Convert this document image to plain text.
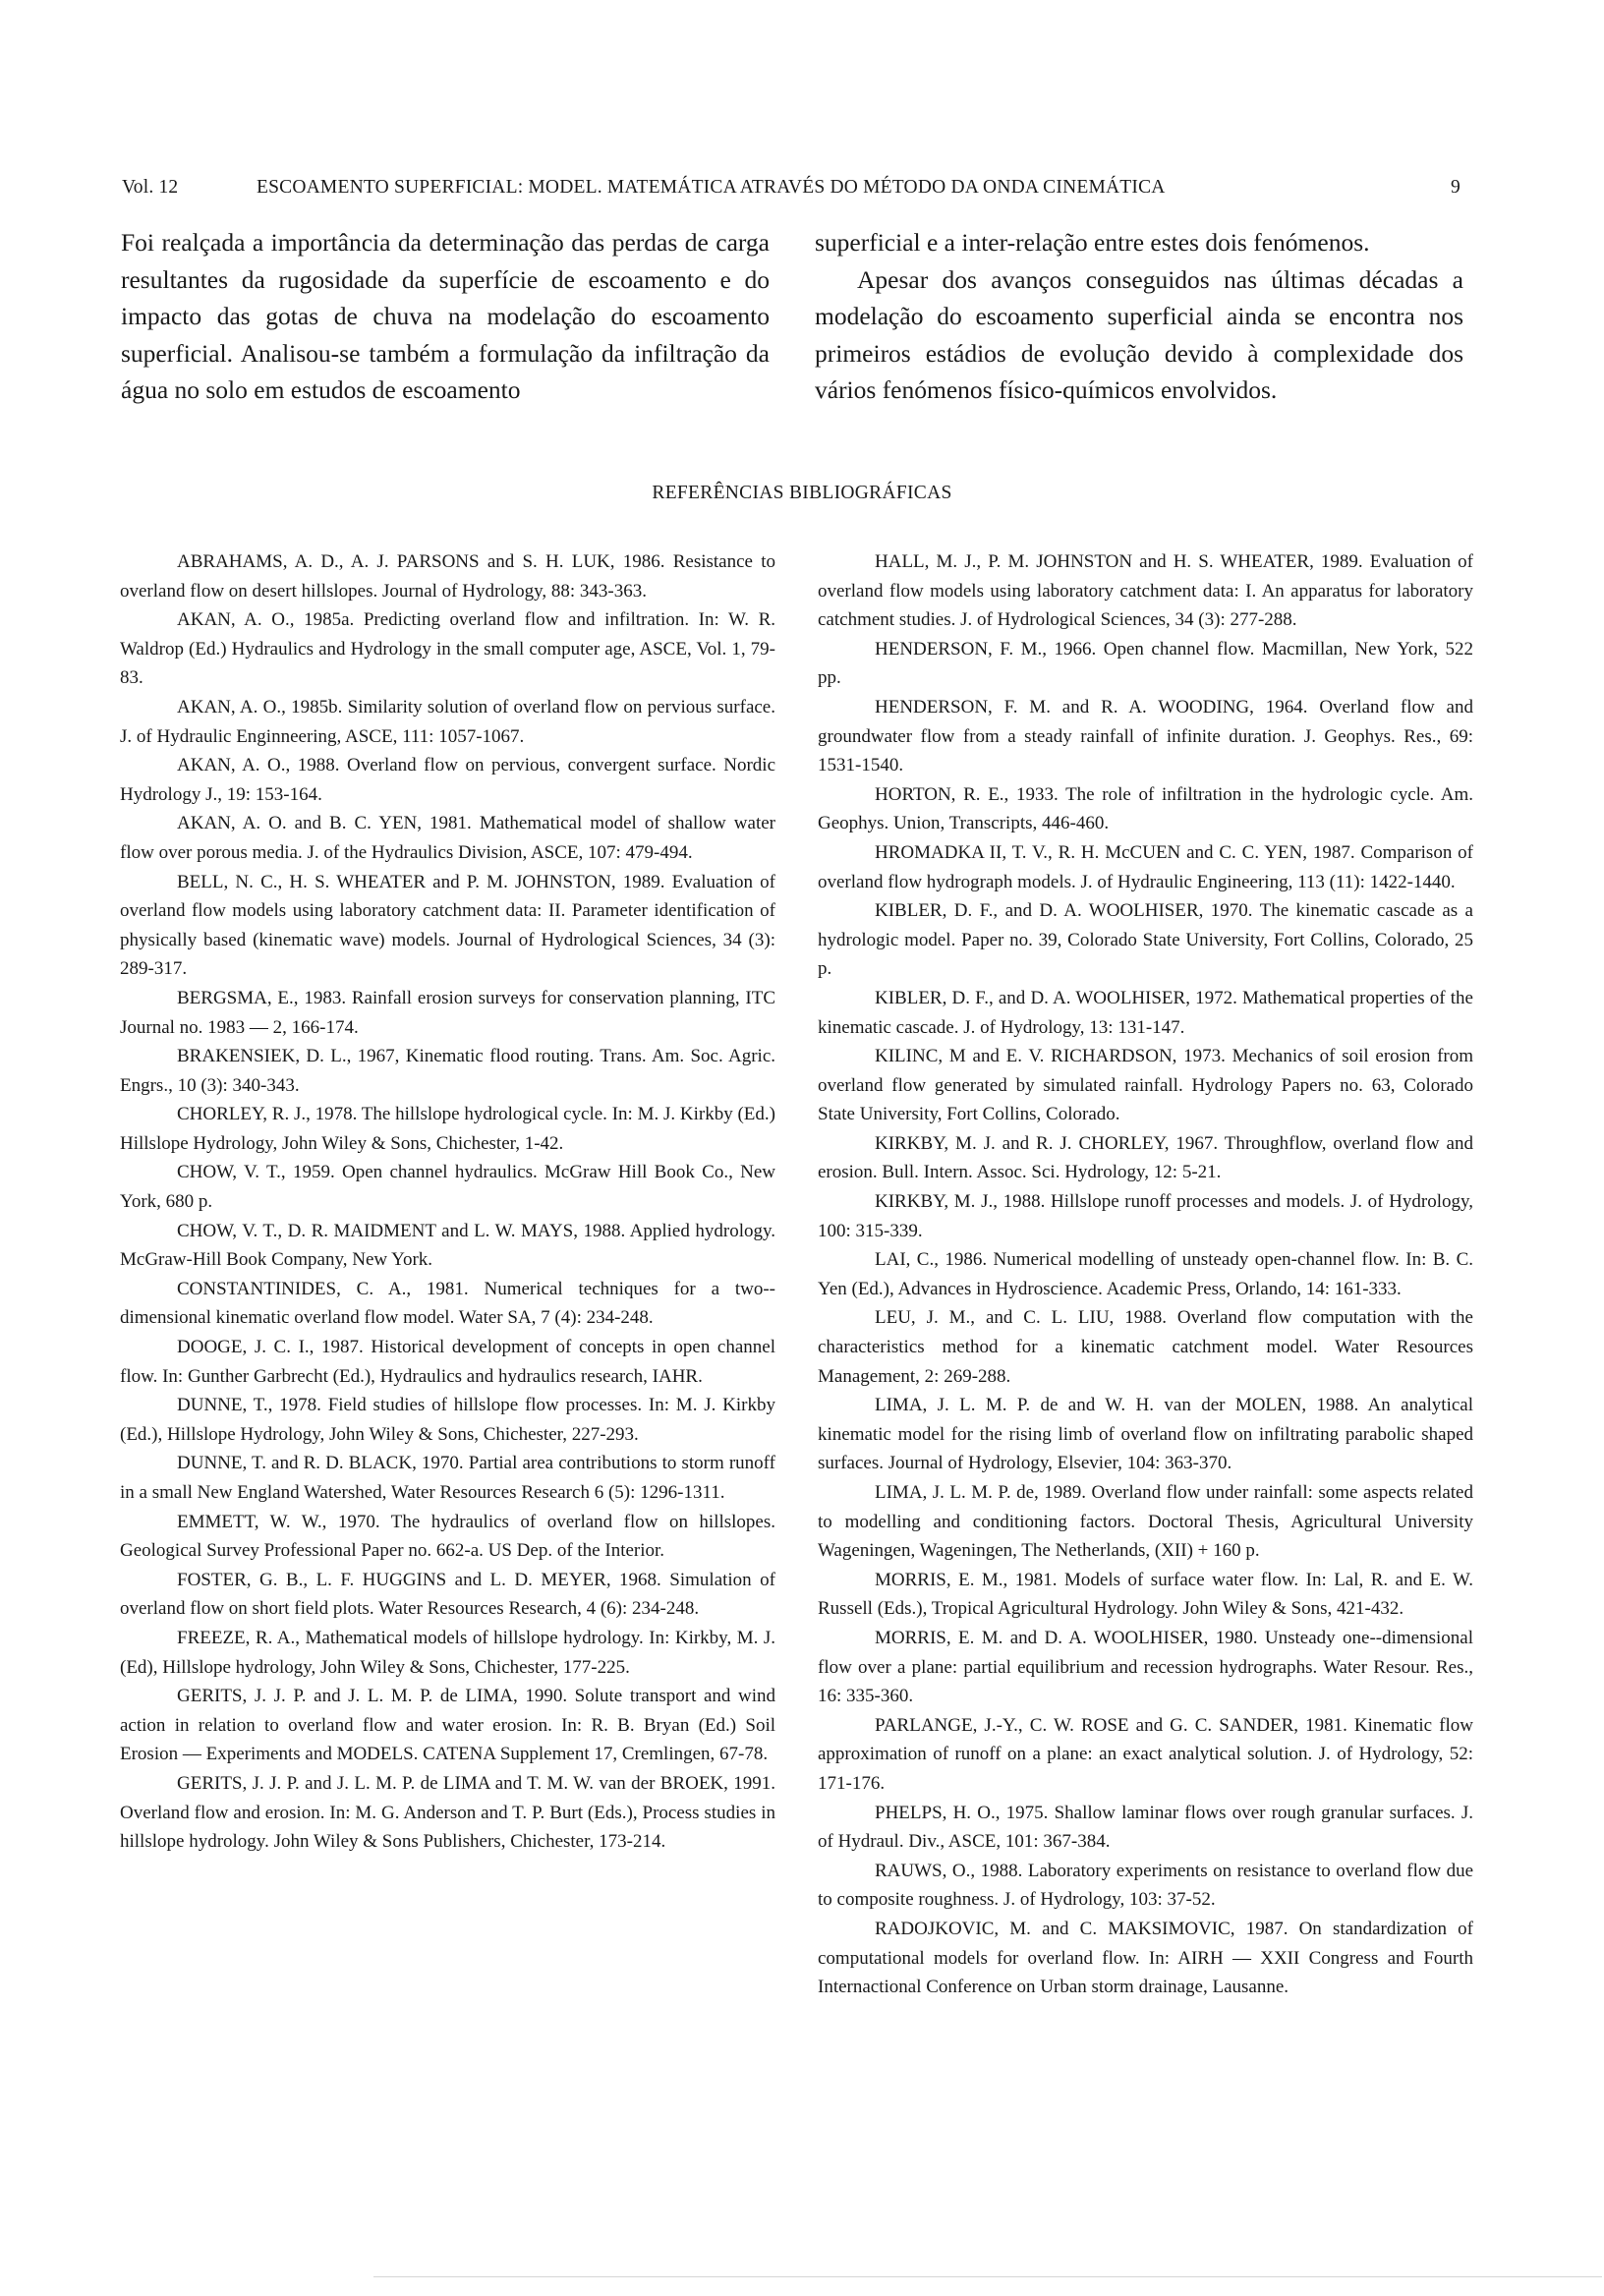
Vol. 12	ESCOAMENTO SUPERFICIAL: MODEL. MATEMÁTICA ATRAVÉS DO MÉTODO DA ONDA CINEMÁTICA	9

Foi realçada a importância da determinação das perdas de carga resultantes da rugosidade da superfície de escoamento e do impacto das gotas de chuva na modelação do escoamento superficial. Analisou-se também a formulação da infiltração da água no solo em estudos de escoamento

superficial e a inter-relação entre estes dois fenómenos.

Apesar dos avanços conseguidos nas últimas décadas a modelação do escoamento superficial ainda se encontra nos primeiros estádios de evolução devido à complexidade dos vários fenómenos físico-químicos envolvidos.

REFERÊNCIAS BIBLIOGRÁFICAS

ABRAHAMS, A. D., A. J. PARSONS and S. H. LUK, 1986. Resistance to overland flow on desert hillslopes. Journal of Hydrology, 88: 343-363.

AKAN, A. O., 1985a. Predicting overland flow and infiltration. In: W. R. Waldrop (Ed.) Hydraulics and Hydrology in the small computer age, ASCE, Vol. 1, 79-83.

AKAN, A. O., 1985b. Similarity solution of overland flow on pervious surface. J. of Hydraulic Enginneering, ASCE, 111: 1057-1067.

AKAN, A. O., 1988. Overland flow on pervious, convergent surface. Nordic Hydrology J., 19: 153-164.

AKAN, A. O. and B. C. YEN, 1981. Mathematical model of shallow water flow over porous media. J. of the Hydraulics Division, ASCE, 107: 479-494.

BELL, N. C., H. S. WHEATER and P. M. JOHNSTON, 1989. Evaluation of overland flow models using laboratory catchment data: II. Parameter identification of physically based (kinematic wave) models. Journal of Hydrological Sciences, 34 (3): 289-317.

BERGSMA, E., 1983. Rainfall erosion surveys for conservation planning, ITC Journal no. 1983 — 2, 166-174.

BRAKENSIEK, D. L., 1967, Kinematic flood routing. Trans. Am. Soc. Agric. Engrs., 10 (3): 340-343.

CHORLEY, R. J., 1978. The hillslope hydrological cycle. In: M. J. Kirkby (Ed.) Hillslope Hydrology, John Wiley & Sons, Chichester, 1-42.

CHOW, V. T., 1959. Open channel hydraulics. McGraw Hill Book Co., New York, 680 p.

CHOW, V. T., D. R. MAIDMENT and L. W. MAYS, 1988. Applied hydrology. McGraw-Hill Book Company, New York.

CONSTANTINIDES, C. A., 1981. Numerical techniques for a two--dimensional kinematic overland flow model. Water SA, 7 (4): 234-248.

DOOGE, J. C. I., 1987. Historical development of concepts in open channel flow. In: Gunther Garbrecht (Ed.), Hydraulics and hydraulics research, IAHR.

DUNNE, T., 1978. Field studies of hillslope flow processes. In: M. J. Kirkby (Ed.), Hillslope Hydrology, John Wiley & Sons, Chichester, 227-293.

DUNNE, T. and R. D. BLACK, 1970. Partial area contributions to storm runoff in a small New England Watershed, Water Resources Research 6 (5): 1296-1311.

EMMETT, W. W., 1970. The hydraulics of overland flow on hillslopes. Geological Survey Professional Paper no. 662-a. US Dep. of the Interior.

FOSTER, G. B., L. F. HUGGINS and L. D. MEYER, 1968. Simulation of overland flow on short field plots. Water Resources Research, 4 (6): 234-248.

FREEZE, R. A., Mathematical models of hillslope hydrology. In: Kirkby, M. J. (Ed), Hillslope hydrology, John Wiley & Sons, Chichester, 177-225.

GERITS, J. J. P. and J. L. M. P. de LIMA, 1990. Solute transport and wind action in relation to overland flow and water erosion. In: R. B. Bryan (Ed.) Soil Erosion — Experiments and MODELS. CATENA Supplement 17, Cremlingen, 67-78.

GERITS, J. J. P. and J. L. M. P. de LIMA and T. M. W. van der BROEK, 1991. Overland flow and erosion. In: M. G. Anderson and T. P. Burt (Eds.), Process studies in hillslope hydrology. John Wiley & Sons Publishers, Chichester, 173-214.

HALL, M. J., P. M. JOHNSTON and H. S. WHEATER, 1989. Evaluation of overland flow models using laboratory catchment data: I. An apparatus for laboratory catchment studies. J. of Hydrological Sciences, 34 (3): 277-288.

HENDERSON, F. M., 1966. Open channel flow. Macmillan, New York, 522 pp.

HENDERSON, F. M. and R. A. WOODING, 1964. Overland flow and groundwater flow from a steady rainfall of infinite duration. J. Geophys. Res., 69: 1531-1540.

HORTON, R. E., 1933. The role of infiltration in the hydrologic cycle. Am. Geophys. Union, Transcripts, 446-460.

HROMADKA II, T. V., R. H. McCUEN and C. C. YEN, 1987. Comparison of overland flow hydrograph models. J. of Hydraulic Engineering, 113 (11): 1422-1440.

KIBLER, D. F., and D. A. WOOLHISER, 1970. The kinematic cascade as a hydrologic model. Paper no. 39, Colorado State University, Fort Collins, Colorado, 25 p.

KIBLER, D. F., and D. A. WOOLHISER, 1972. Mathematical properties of the kinematic cascade. J. of Hydrology, 13: 131-147.

KILINC, M and E. V. RICHARDSON, 1973. Mechanics of soil erosion from overland flow generated by simulated rainfall. Hydrology Papers no. 63, Colorado State University, Fort Collins, Colorado.

KIRKBY, M. J. and R. J. CHORLEY, 1967. Throughflow, overland flow and erosion. Bull. Intern. Assoc. Sci. Hydrology, 12: 5-21.

KIRKBY, M. J., 1988. Hillslope runoff processes and models. J. of Hydrology, 100: 315-339.

LAI, C., 1986. Numerical modelling of unsteady open-channel flow. In: B. C. Yen (Ed.), Advances in Hydroscience. Academic Press, Orlando, 14: 161-333.

LEU, J. M., and C. L. LIU, 1988. Overland flow computation with the characteristics method for a kinematic catchment model. Water Resources Management, 2: 269-288.

LIMA, J. L. M. P. de and W. H. van der MOLEN, 1988. An analytical kinematic model for the rising limb of overland flow on infiltrating parabolic shaped surfaces. Journal of Hydrology, Elsevier, 104: 363-370.

LIMA, J. L. M. P. de, 1989. Overland flow under rainfall: some aspects related to modelling and conditioning factors. Doctoral Thesis, Agricultural University Wageningen, Wageningen, The Netherlands, (XII) + 160 p.

MORRIS, E. M., 1981. Models of surface water flow. In: Lal, R. and E. W. Russell (Eds.), Tropical Agricultural Hydrology. John Wiley & Sons, 421-432.

MORRIS, E. M. and D. A. WOOLHISER, 1980. Unsteady one--dimensional flow over a plane: partial equilibrium and recession hydrographs. Water Resour. Res., 16: 335-360.

PARLANGE, J.-Y., C. W. ROSE and G. C. SANDER, 1981. Kinematic flow approximation of runoff on a plane: an exact analytical solution. J. of Hydrology, 52: 171-176.

PHELPS, H. O., 1975. Shallow laminar flows over rough granular surfaces. J. of Hydraul. Div., ASCE, 101: 367-384.

RAUWS, O., 1988. Laboratory experiments on resistance to overland flow due to composite roughness. J. of Hydrology, 103: 37-52.

RADOJKOVIC, M. and C. MAKSIMOVIC, 1987. On standardization of computational models for overland flow. In: AIRH — XXII Congress and Fourth Internactional Conference on Urban storm drainage, Lausanne.
